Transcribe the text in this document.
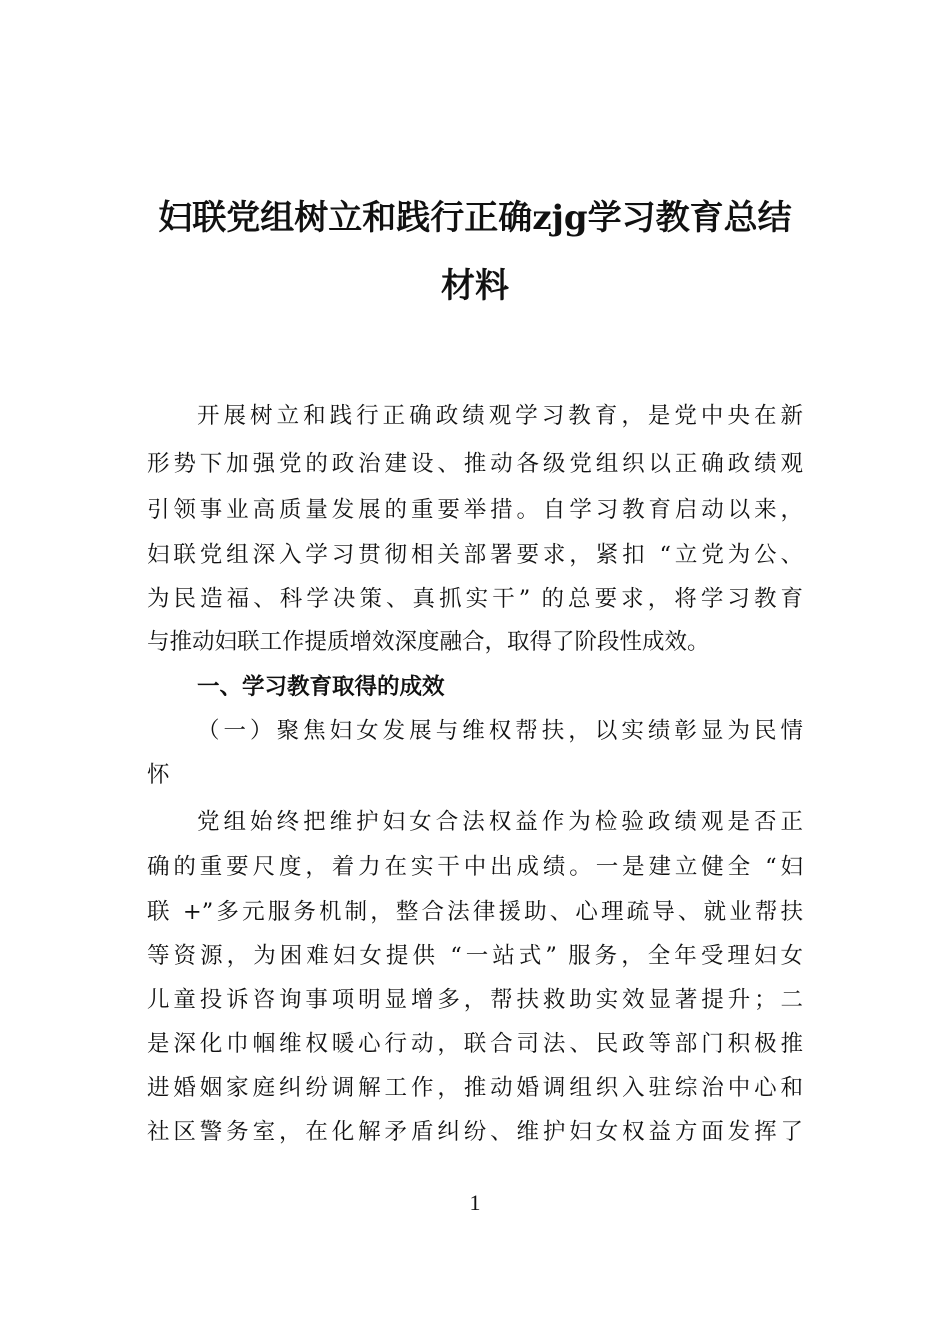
妇联党组树立和践行正确zjg学习教育总结
材料
开展树立和践行正确政绩观学习教育，是党中央在新
形势下加强党的政治建设、推动各级党组织以正确政绩观
引领事业高质量发展的重要举措。自学习教育启动以来，
妇联党组深入学习贯彻相关部署要求，紧扣 “立党为公、
为民造福、科学决策、真抓实干” 的总要求，将学习教育
与推动妇联工作提质增效深度融合，取得了阶段性成效。
一、学习教育取得的成效
（一）聚焦妇女发展与维权帮扶，以实绩彰显为民情
怀
党组始终把维护妇女合法权益作为检验政绩观是否正
确的重要尺度，着力在实干中出成绩。一是建立健全 “妇
联 +”多元服务机制，整合法律援助、心理疏导、就业帮扶
等资源，为困难妇女提供 “一站式” 服务，全年受理妇女
儿童投诉咨询事项明显增多，帮扶救助实效显著提升；二
是深化巾帼维权暖心行动，联合司法、民政等部门积极推
进婚姻家庭纠纷调解工作，推动婚调组织入驻综治中心和
社区警务室，在化解矛盾纠纷、维护妇女权益方面发挥了
1
